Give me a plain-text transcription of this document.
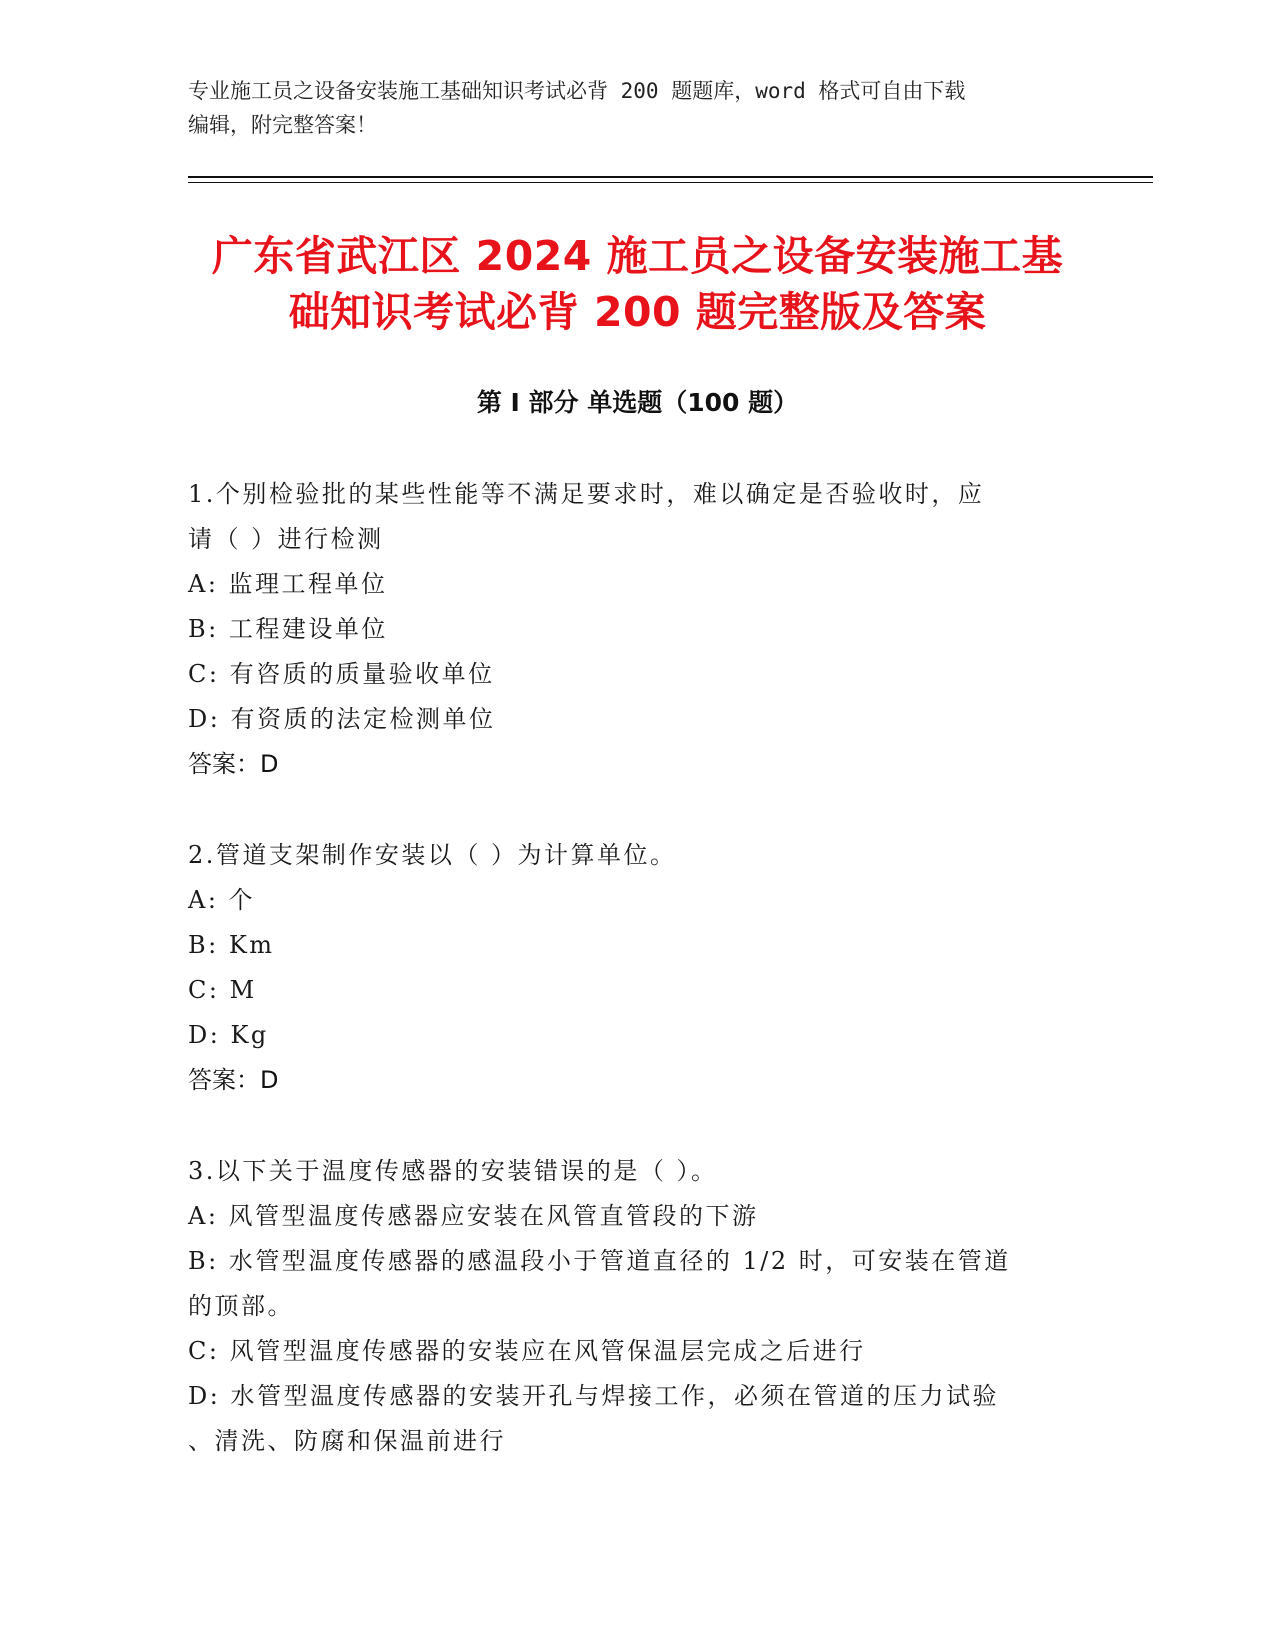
专业施工员之设备安装施工基础知识考试必背 200 题题库，word 格式可自由下载
编辑，附完整答案！
广东省武江区 2024 施工员之设备安装施工基
础知识考试必背 200 题完整版及答案
第 I 部分 单选题（100 题）
1.个别检验批的某些性能等不满足要求时，难以确定是否验收时，应
请（ ）进行检测
A: 监理工程单位
B: 工程建设单位
C: 有咨质的质量验收单位
D: 有资质的法定检测单位
答案：D
2.管道支架制作安装以（ ）为计算单位。
A: 个
B: Km
C: M
D: Kg
答案：D
3.以下关于温度传感器的安装错误的是（ ）。
A: 风管型温度传感器应安装在风管直管段的下游
B: 水管型温度传感器的感温段小于管道直径的 1/2 时，可安装在管道
的顶部。
C: 风管型温度传感器的安装应在风管保温层完成之后进行
D: 水管型温度传感器的安装开孔与焊接工作，必须在管道的压力试验
、清洗、防腐和保温前进行
